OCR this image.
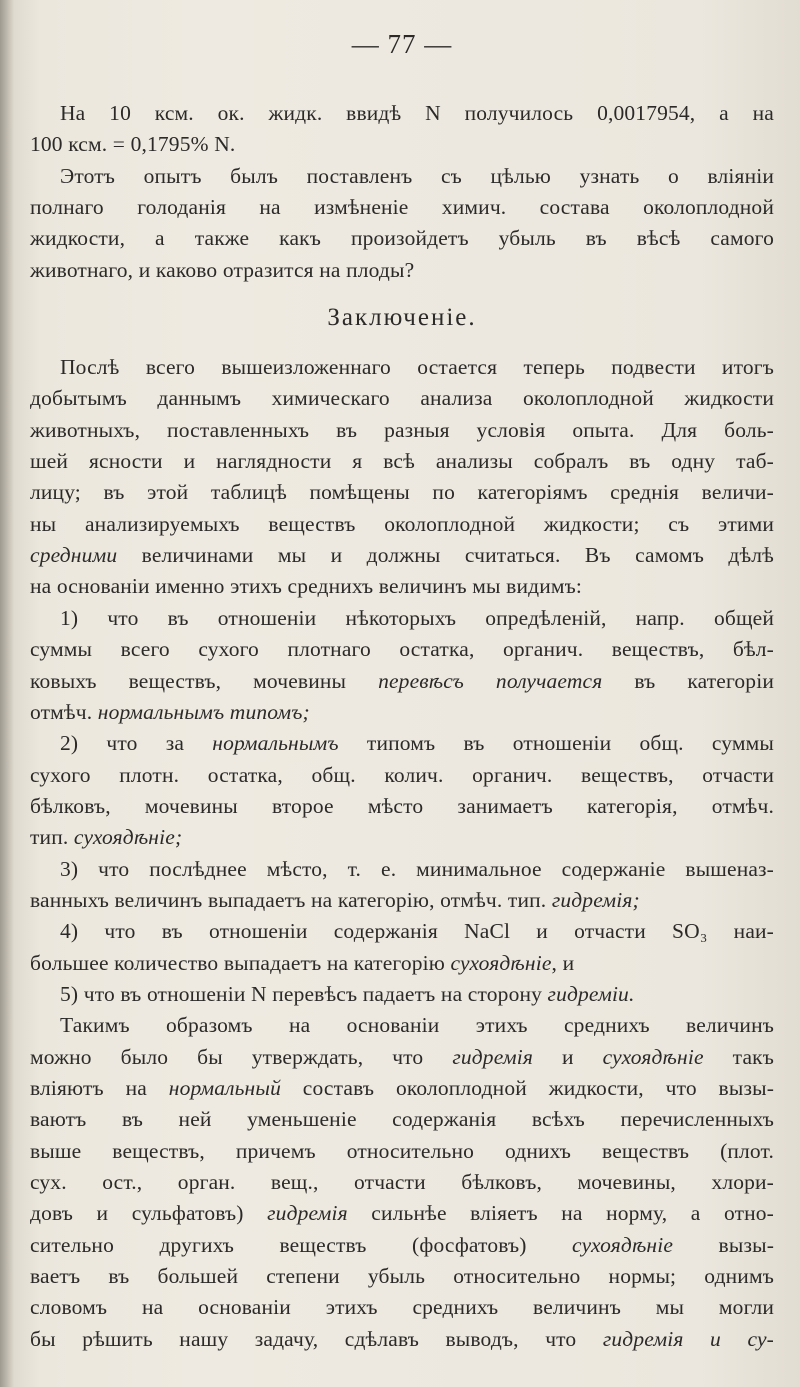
— 77 —
На 10 ксм. ок. жидк. ввидѣ N получилось 0,0017954, а на
100 ксм. = 0,1795% N.
Этотъ опытъ былъ поставленъ съ цѣлью узнать о вліяніи
полнаго голоданія на измѣненіе химич. состава околоплодной
жидкости, а также какъ произойдетъ убыль въ вѣсѣ самого
животнаго, и каково отразится на плоды?
Заключеніе.
Послѣ всего вышеизложеннаго остается теперь подвести итогъ
добытымъ даннымъ химическаго анализа околоплодной жидкости
животныхъ, поставленныхъ въ разныя условія опыта. Для боль-
шей ясности и наглядности я всѣ анализы собралъ въ одну таб-
лицу; въ этой таблицѣ помѣщены по категоріямъ среднія величи-
ны анализируемыхъ веществъ околоплодной жидкости; съ этими
средними величинами мы и должны считаться. Въ самомъ дѣлѣ
на основаніи именно этихъ среднихъ величинъ мы видимъ:
1) что въ отношеніи нѣкоторыхъ опредѣленій, напр. общей
суммы всего сухого плотнаго остатка, органич. веществъ, бѣл-
ковыхъ веществъ, мочевины перевѣсъ получается въ категоріи
отмѣч. нормальнымъ типомъ;
2) что за нормальнымъ типомъ въ отношеніи общ. суммы
сухого плотн. остатка, общ. колич. органич. веществъ, отчасти
бѣлковъ, мочевины второе мѣсто занимаетъ категорія, отмѣч.
тип. сухоядѣніе;
3) что послѣднее мѣсто, т. е. минимальное содержаніе вышеназ-
ванныхъ величинъ выпадаетъ на категорію, отмѣч. тип. гидремія;
4) что въ отношеніи содержанія NaCl и отчасти SO₃ наи-
большее количество выпадаетъ на категорію сухоядѣніе, и
5) что въ отношеніи N перевѣсъ падаетъ на сторону гидреміи.
Такимъ образомъ на основаніи этихъ среднихъ величинъ
можно было бы утверждать, что гидремія и сухоядѣніе такъ
вліяютъ на нормальный составъ околоплодной жидкости, что вызы-
ваютъ въ ней уменьшеніе содержанія всѣхъ перечисленныхъ
выше веществъ, причемъ относительно однихъ веществъ (плот.
сух. ост., орган. вещ., отчасти бѣлковъ, мочевины, хлори-
довъ и сульфатовъ) гидремія сильнѣе вліяетъ на норму, а отно-
сительно другихъ веществъ (фосфатовъ) сухоядѣніе вызы-
ваетъ въ большей степени убыль относительно нормы; однимъ
словомъ на основаніи этихъ среднихъ величинъ мы могли
бы рѣшить нашу задачу, сдѣлавъ выводъ, что гидремія и су-
